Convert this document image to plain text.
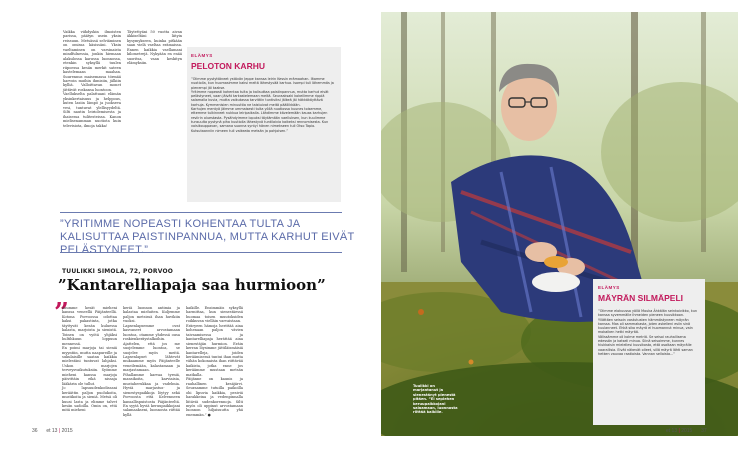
Vaikka viihdyskin ilmoisten parissa, päätyn usein yksin reissuun. Metsässä selviäminen on omissa käsissäni. Yksin vaeltaminen on varsinaista mindfulnessia, jonkin hiemaan alakulossa karussa luonnossa, etenkin syksyllä tuulen riipoessa kesän merkit sateen kastelemaan maahan. Suurennus maisemassa törmää harvoin muihin ihmisiin, jälkiin kylliä. Valloittavan monet jättävät roskansa luontoon.
Vaellukselta palattuani elämän yksinkertaisuus ja helppous, kuten lasiin lämpö ja juokseva vesi, tuntuvat ylellisyydeltä. Silti nautin leiriolemisesta ja ihaisessa tulitesteissa. Kanon mielisenamman nuotiota kuin televisiota, ilmoja takka!
Täytettyäni 50 vuotta aivan äkkiseltäni liityin kysymykseen, kuinka pitkään saan vielä vaeltaa erämaissa. Ennen kaikkia vaellamani kilometrejä. Nykyään en enää suoritsa, vaan keskityn elämyksiin.
ELÄMYS
PELOTON KARHU
”Olimme pystyttäneet ystävän Jeppe kanssa leirin Kessin erämaahan. Iltamme nuotiolla, kun huomasimme kaksi meitä lähestyvää karhua. Isompi tuli lähemmäs ja pienempi jäi taakse.
Yritimme nopeasti kohentaa tulta ja kalisuttaa paistinpannua, mutta karhut eivät pelästyneet, vaan jäivät tarkastelemaan meitä. Seuraaksaki kokeilimme rippiä salamalla kuvia, mutta vaikutassa tarvittiin tuntisiksi jälkeä jäi häkkäkäyttävä karhuja. Kymmenisien minuuttia ne taistuivat meitä päällikkään.
Karhujen mentyä jäimme ummaisesti tulta yöllä nuotiossa kuunes toisemme, ettemme tulkinneet nukkua leiripaikalla. Lähdimme kävelemään kauas karhujen reviirin oluestasta. Pysähdyimme lopuksi täytämään vaelluksen, kun kuulimme tunsuulta pystynä piha kuutiolla lähestyvä tuntilaivia kaikeksi rennomisesta. Kun voisikouppavan, samana suonna syntyi hänen nimekseen tuli Otso Tapio. Kutsutaanniin nimeen tuli vaikeata metsän ja pohjoisen.”
”YRITIMME NOPEASTI KOHENTAA TULTA JA KALISUTTAA PAISTINPANNUA, MUTTA KARHUT EIVÄT PELÄSTYNEET.”
TUULIKKI SIMOLA, 72, PORVOO
”Kantarelliapaja saa hurmioon”
”
Asumme kesät mieheni kanssa veneellä Päijänteellä. Kotona Porvoossa odottaa kaksi pakastinta, jotka täyttyvät kesän kuluessa kalasta, marjoista ja sienistä. Toinen on vyötä yhjäksi hultihkuun loppuun mennessä.
En poimi marjoja tai sieniä myyntiin, mutta naapureille ja sukulaisille saatan kaikkia mielestäni tuntuvat lahjaksi. Uskon marjojen terveysvaikutuksiin. Syömme mieheni kanssa marjoja päivittäin eikä nissaja lääkärin ole tullut.
Jo lapsuudenkodissani keräättin paljon puolukoita, mustikoita ja sieniä. Metsä oli kuusi lasta ja elimme talvet kesän sadoilla. Omin on, että mitä mieheni
keriä luonnon antimia ja kalastaa mieluiten. Kuljemme paljon metsissä ihan huvikiin vuoksi.
Lapsenlapsemme ovat kasvaneet arvostamaan luontoa, otamme yhdessä ousa roskienkeräystalkoihin. Ajattelen, että jos me suojelemme luontoa, se suojelee myös meitä. Lapsenlapset lähtevät mukaamme myös Päijänteelle veneilemään, kalastamaan ja marjastamaan.
Pihallamme karvaa tyrniä, mansikoita, karviaisia, mustaherukkaa ja vadelmia. Hyviä marjastus- ja sienestyspaikkoja löytyy sekä Porvoosta että Kelvenneen kansallispuistosta Päijänteeltä. En syytä hyviä keruupaikkojani salamaakseni, luonnosta riittää kyllä
kaikille. Ensimmäis syksyllä harmittaa, kun sienestäessä huomaa toisen muutoksiden roikkuvan vielläin varvaistaan.
Eräryeen hämoja herittää aina kohenaan paljon vävien taivaamisessa ja kantarelliapaja herättää aina sienestäjän hurmion. Eräin kerran löysimme jättiläismäisiä kantarelleja, joiden keräämisessä tuntui ihan mutta vähän kokonaista ihan riittävää kaikista, jotka enne jos keräämme mustaan metsän matkalla.
Päijänne on kaunis ja rauhallinen kesäjärvi. Seuraamme tutuilla paikoilla ohi lipuvia kaikkia, pesiviä harakkeina ja vedenpinnalla liitäviä sudenkorennoja. Silti myös oli uppinut arvostamaan luonnon hiljaisuutta yhä enemmän.” ●
36 et 13 | 2015
Tuulikki on marjantanut ja sienestänyt pienestä pitäen. ”Ei sepiehen keruupaikkojani salaamaan, luonnosta riittää kaikille.
ELÄMYS
MÄYRÄN SILMÄPELI
”Olimme elokuussa yöllä Mouka Ähkälän seinkoivikko, kun kanssa syvemmälle ihmeiden pieneen kuusikkoon. Yllättäen seisoin vastutusten hämmästyneen mäyrän kanssa. Mas oli sammakasta, joten askelieni esiin sinä kuulanneet. Ehkä siko mäyrä ei huomannut minua, vain mokaiken hetki mäyrää.
Välissämme oli kolme metriä. Se seisoi rauhallisena edessän ja katseli minua. Siinä seisoimme, kunnes hiukkaisin mielellesi kuusikosta, että osaltaan mäyrälle vaarallisia. Eivät näkevät olleet, sillä mäyrä lähti saman hetken vauvaa raatioista. Vannan sellaista...”
et 13 | 2015 37
